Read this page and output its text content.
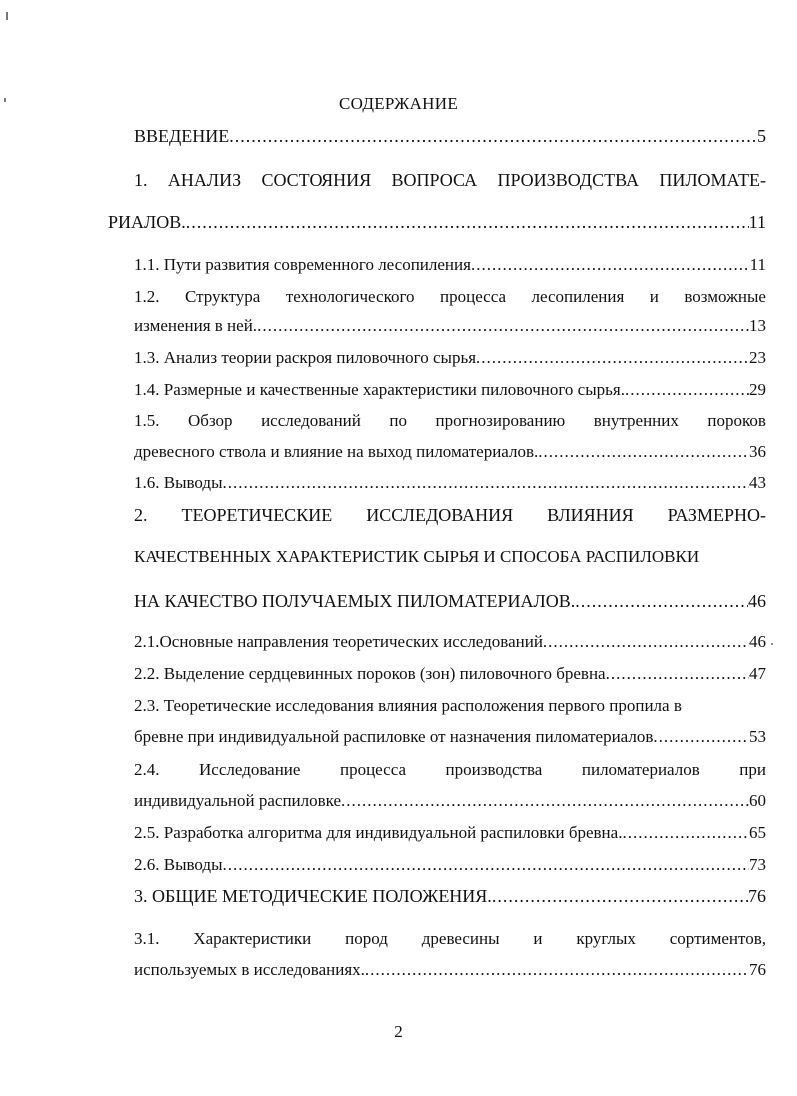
СОДЕРЖАНИЕ
ВВЕДЕНИЕ .....	5
1. АНАЛИЗ СОСТОЯНИЯ ВОПРОСА ПРОИЗВОДСТВА ПИЛОМАТЕ-
РИАЛОВ. .....	11
1.1. Пути развития современного лесопиления .....	11
1.2. Структура технологического процесса лесопиления и возможные
изменения в ней. .....	13
1.3. Анализ теории раскроя пиловочного сырья .....	23
1.4. Размерные и качественные характеристики пиловочного сырья. .....	29
1.5. Обзор исследований по прогнозированию внутренних пороков
древесного ствола и влияние на выход пиломатериалов. .....	36
1.6. Выводы .....	43
2. ТЕОРЕТИЧЕСКИЕ ИССЛЕДОВАНИЯ ВЛИЯНИЯ РАЗМЕРНО-
КАЧЕСТВЕННЫХ ХАРАКТЕРИСТИК СЫРЬЯ И СПОСОБА РАСПИЛОВКИ
НА КАЧЕСТВО ПОЛУЧАЕМЫХ ПИЛОМАТЕРИАЛОВ. .....	46
2.1.Основные направления теоретических исследований .....	46
2.2. Выделение сердцевинных пороков (зон) пиловочного бревна .....	47
2.3. Теоретические исследования влияния расположения первого пропила в
бревне при индивидуальной распиловке от назначения пиломатериалов .....	53
2.4. Исследование процесса производства пиломатериалов при
индивидуальной распиловке .....	60
2.5. Разработка алгоритма для индивидуальной распиловки бревна. .....	65
2.6. Выводы .....	73
3. ОБЩИЕ МЕТОДИЧЕСКИЕ ПОЛОЖЕНИЯ. .....	76
3.1. Характеристики пород древесины и круглых сортиментов,
используемых в исследованиях. .....	76
2
